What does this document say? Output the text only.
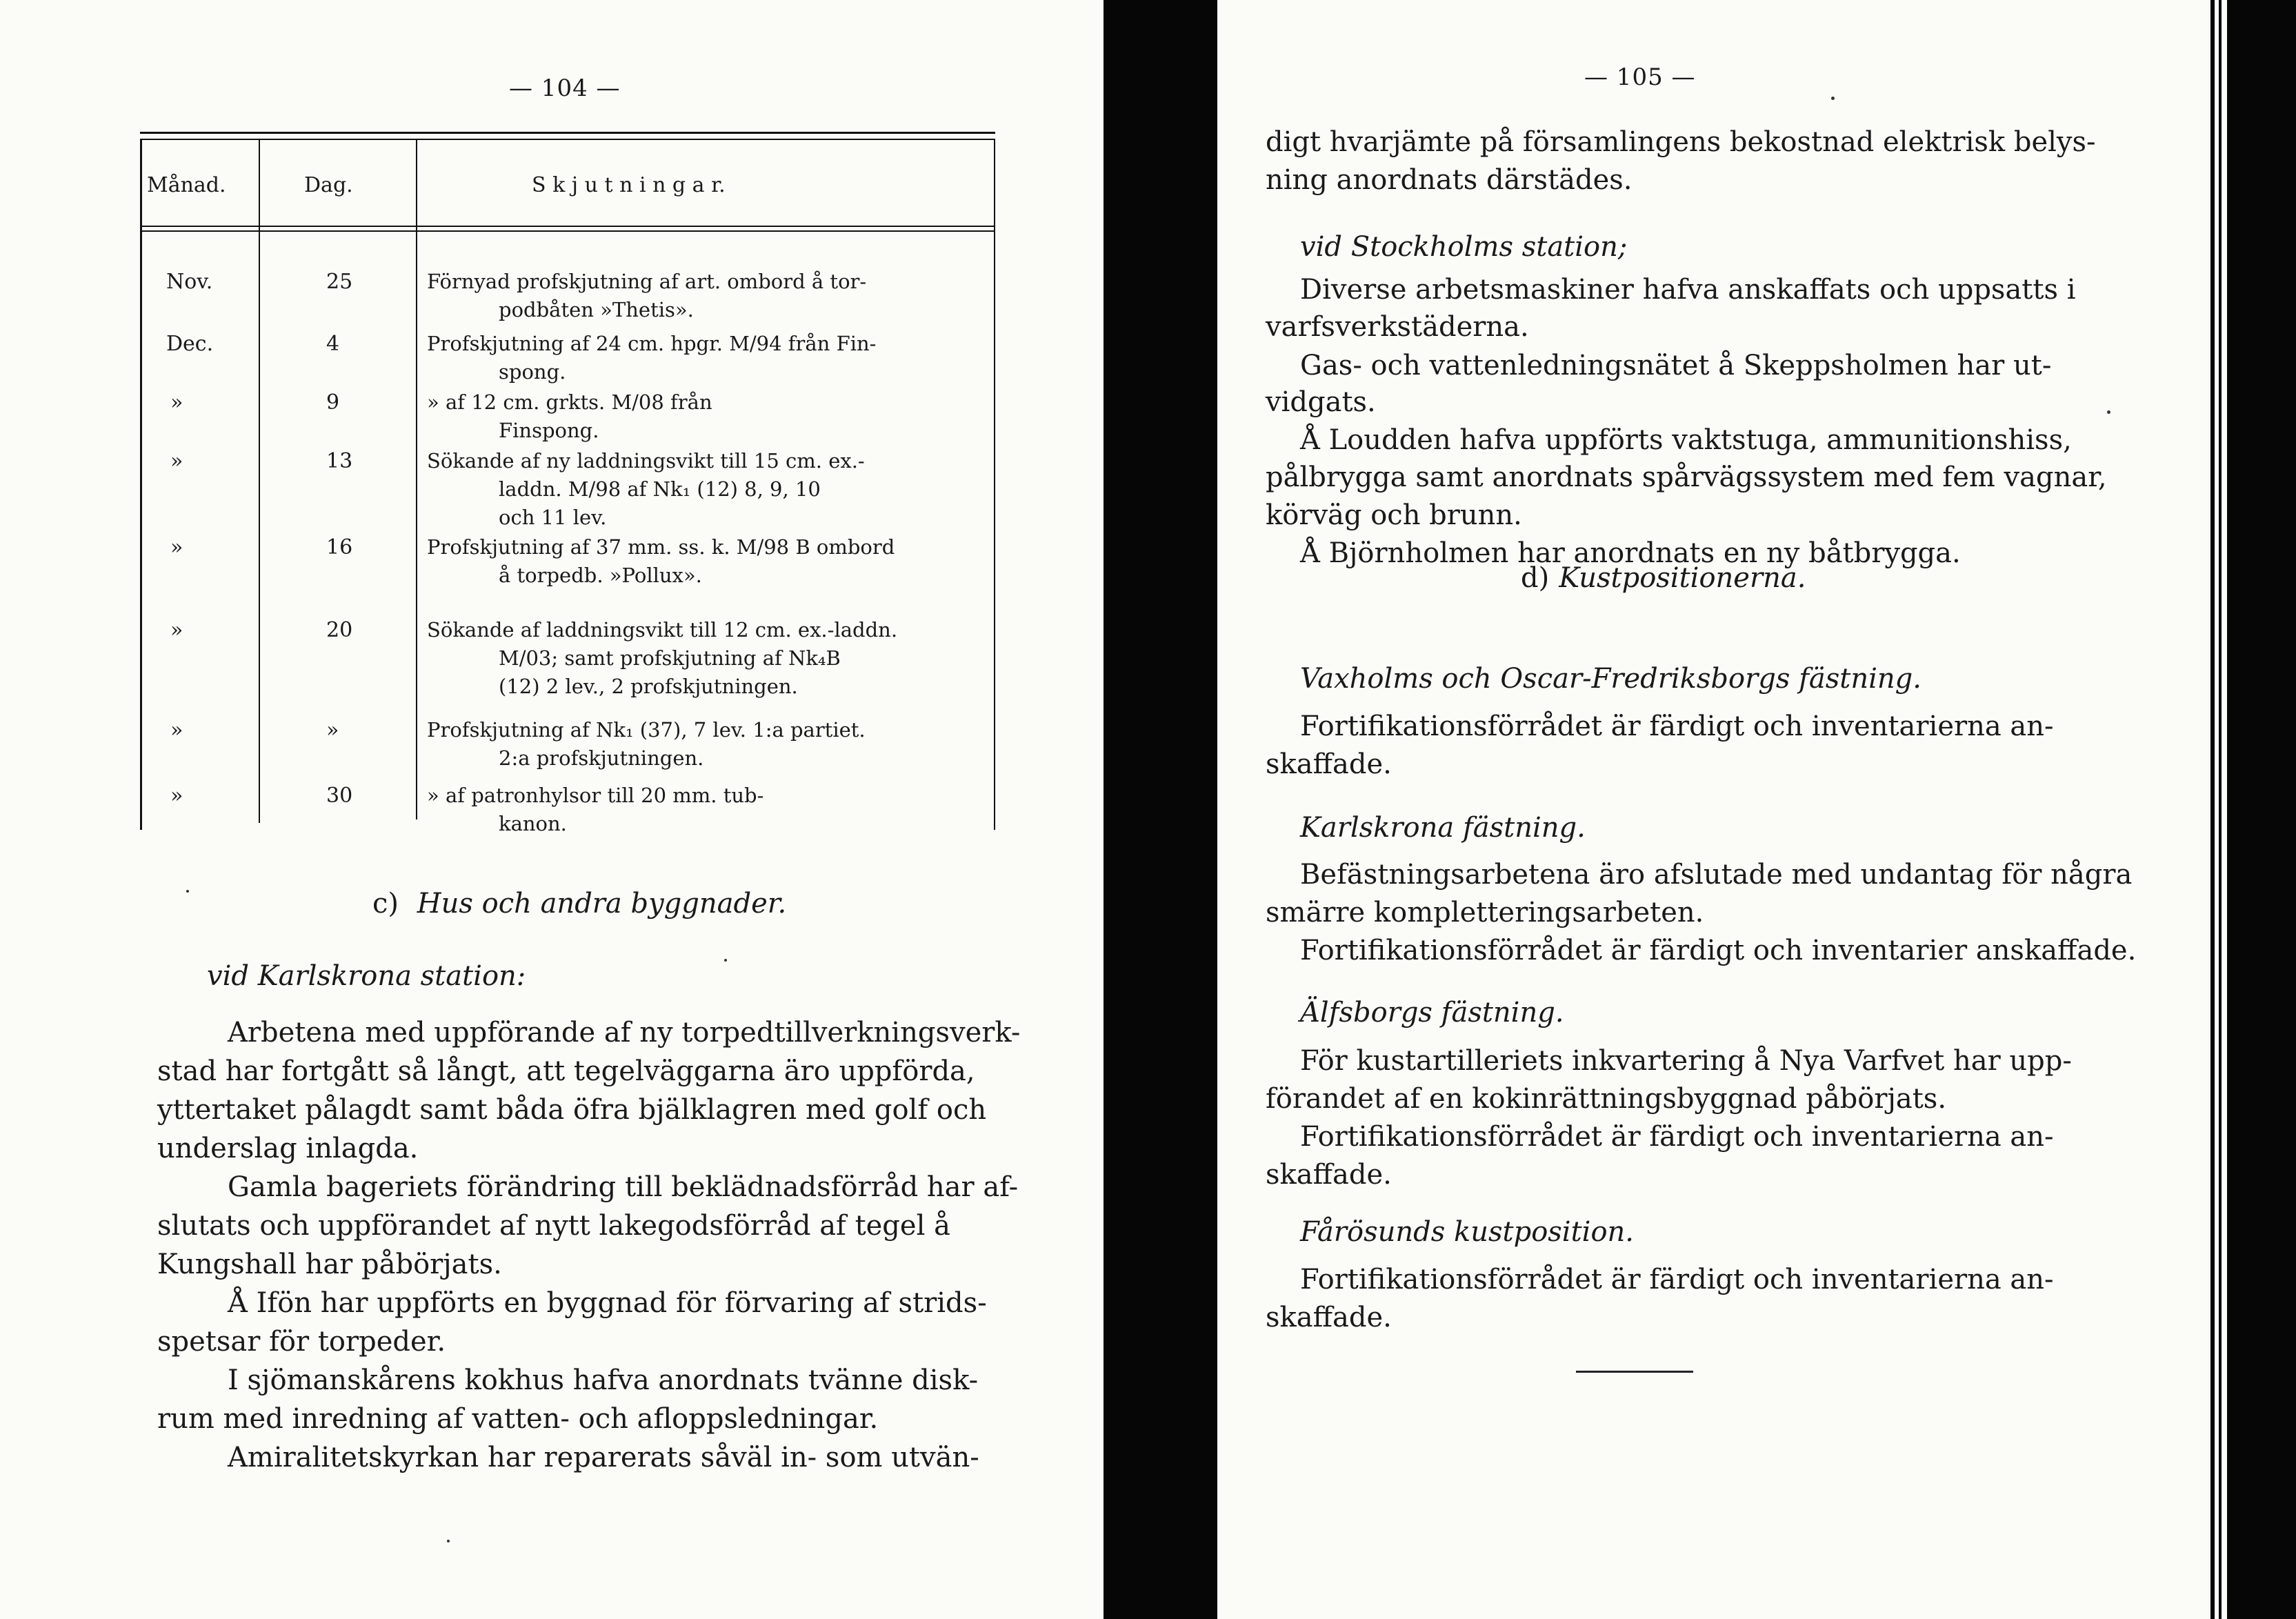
— 104 —
Månad.	Dag.	S k j u t n i n g a r.
Nov.	25	Förnyad profskjutning af art. ombord å tor-
podbåten »Thetis».
Dec.	4	Profskjutning af 24 cm. hpgr. M/94 från Fin-
spong.
»	9	» af 12 cm. grkts. M/08 från
Finspong.
»	13	Sökande af ny laddningsvikt till 15 cm. ex.-
laddn. M/98 af Nk₁ (12) 8, 9, 10
och 11 lev.
»	16	Profskjutning af 37 mm. ss. k. M/98 B ombord
å torpedb. »Pollux».
»	20	Sökande af laddningsvikt till 12 cm. ex.-laddn.
M/03; samt profskjutning af Nk₄B
(12) 2 lev., 2 profskjutningen.
»	»	Profskjutning af Nk₁ (37), 7 lev. 1:a partiet.
2:a profskjutningen.
»	30	» af patronhylsor till 20 mm. tub-
kanon.
c) Hus och andra byggnader.
vid Karlskrona station:
Arbetena med uppförande af ny torpedtillverkningsverk-
stad har fortgått så långt, att tegelväggarna äro uppförda,
yttertaket pålagdt samt båda öfra bjälklagren med golf och
underslag inlagda.
Gamla bageriets förändring till beklädnadsförråd har af-
slutats och uppförandet af nytt lakegodsförråd af tegel å
Kungshall har påbörjats.
Å Ifön har uppförts en byggnad för förvaring af strids-
spetsar för torpeder.
I sjömanskårens kokhus hafva anordnats tvänne disk-
rum med inredning af vatten- och afloppsledningar.
Amiralitetskyrkan har reparerats såväl in- som utvän-
— 105 —
digt hvarjämte på församlingens bekostnad elektrisk belys-
ning anordnats därstädes.
vid Stockholms station;
Diverse arbetsmaskiner hafva anskaffats och uppsatts i
varfsverkstäderna.
Gas- och vattenledningsnätet å Skeppsholmen har ut-
vidgats.
Å Loudden hafva uppförts vaktstuga, ammunitionshiss,
pålbrygga samt anordnats spårvägssystem med fem vagnar,
körväg och brunn.
Å Björnholmen har anordnats en ny båtbrygga.
d) Kustpositionerna.
Vaxholms och Oscar-Fredriksborgs fästning.
Fortifikationsförrådet är färdigt och inventarierna an-
skaffade.
Karlskrona fästning.
Befästningsarbetena äro afslutade med undantag för några
smärre kompletteringsarbeten.
Fortifikationsförrådet är färdigt och inventarier anskaffade.
Älfsborgs fästning.
För kustartilleriets inkvartering å Nya Varfvet har upp-
förandet af en kokinrättningsbyggnad påbörjats.
Fortifikationsförrådet är färdigt och inventarierna an-
skaffade.
Fårösunds kustposition.
Fortifikationsförrådet är färdigt och inventarierna an-
skaffade.
